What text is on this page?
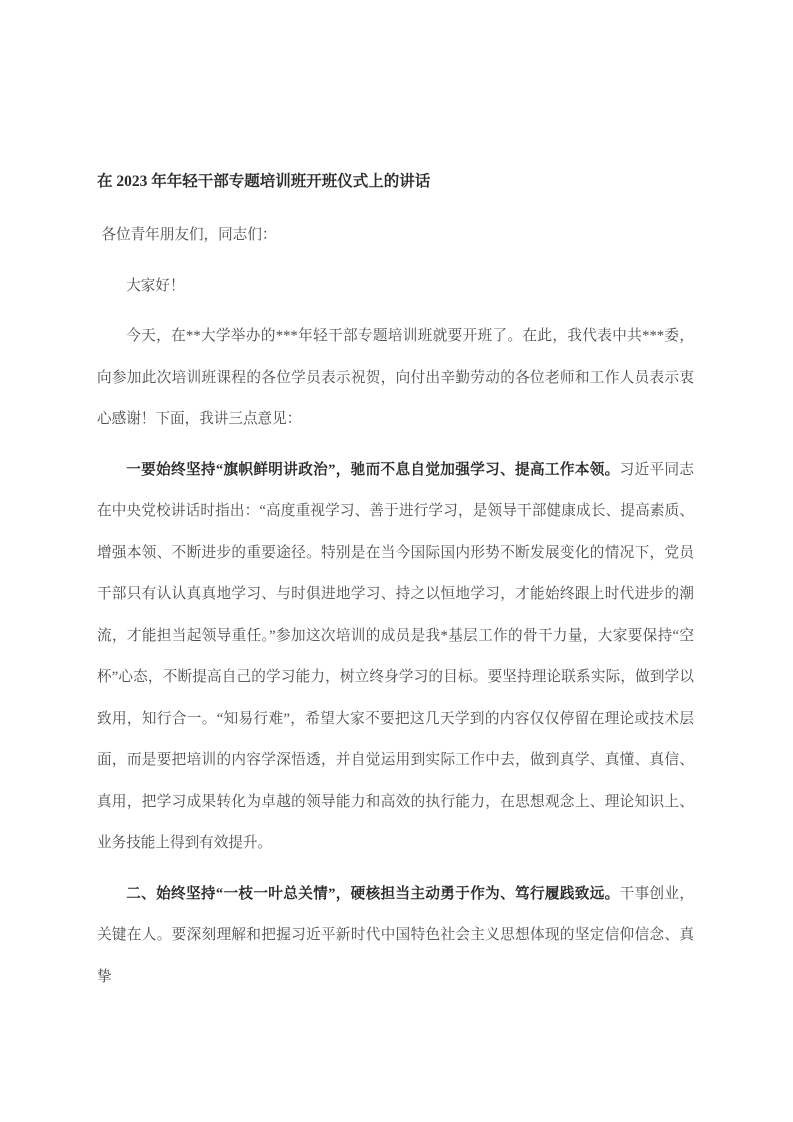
在 2023 年年轻干部专题培训班开班仪式上的讲话

各位青年朋友们，同志们：

大家好！

今天，在**大学举办的***年轻干部专题培训班就要开班了。在此，我代表中共***委，向参加此次培训班课程的各位学员表示祝贺，向付出辛勤劳动的各位老师和工作人员表示衷心感谢！下面，我讲三点意见：

一要始终坚持“旗帜鲜明讲政治”，驰而不息自觉加强学习、提高工作本领。习近平同志在中央党校讲话时指出：“高度重视学习、善于进行学习，是领导干部健康成长、提高素质、增强本领、不断进步的重要途径。特别是在当今国际国内形势不断发展变化的情况下，党员干部只有认认真真地学习、与时俱进地学习、持之以恒地学习，才能始终跟上时代进步的潮流，才能担当起领导重任。”参加这次培训的成员是我*基层工作的骨干力量，大家要保持“空杯”心态，不断提高自己的学习能力，树立终身学习的目标。要坚持理论联系实际，做到学以致用，知行合一。“知易行难”，希望大家不要把这几天学到的内容仅仅停留在理论或技术层面，而是要把培训的内容学深悟透，并自觉运用到实际工作中去，做到真学、真懂、真信、真用，把学习成果转化为卓越的领导能力和高效的执行能力，在思想观念上、理论知识上、业务技能上得到有效提升。

二、始终坚持“一枝一叶总关情”，硬核担当主动勇于作为、笃行履践致远。干事创业，关键在人。要深刻理解和把握习近平新时代中国特色社会主义思想体现的坚定信仰信念、真挚
